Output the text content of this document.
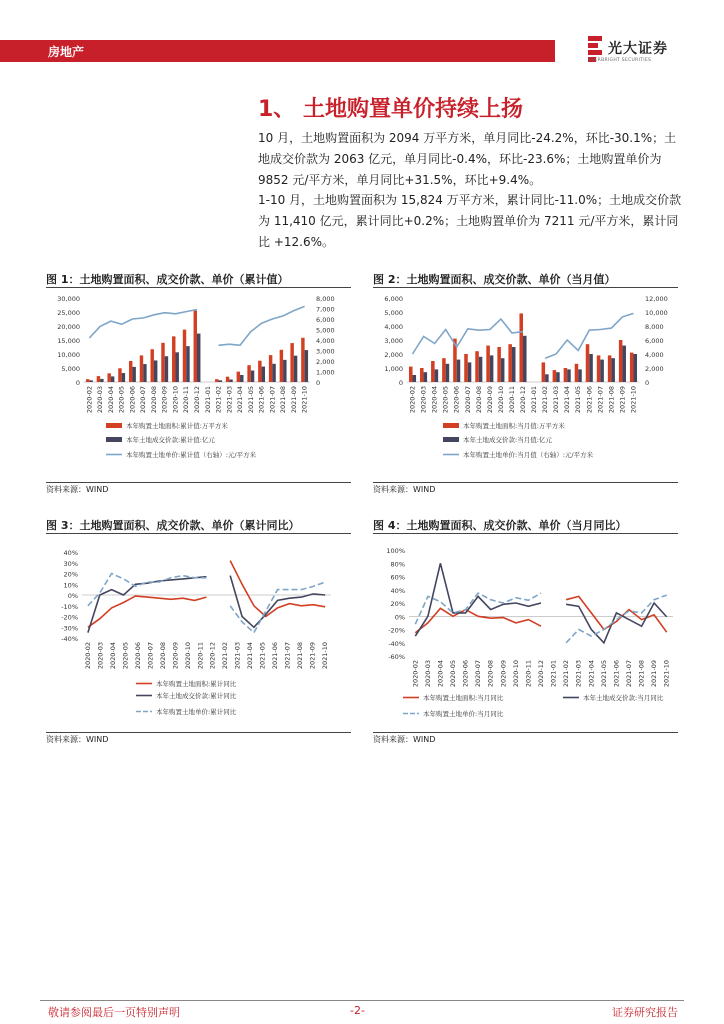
房地产	光大证券
EVERBRIGHT SECURITIES
1、 土地购置单价持续上扬
10 月，土地购置面积为 2094 万平方米，单月同比-24.2%，环比-30.1%；土地成交价款为 2063 亿元，单月同比-0.4%，环比-23.6%；土地购置单价为 9852 元/平方米，单月同比+31.5%，环比+9.4%。
1-10 月，土地购置面积为 15,824 万平方米，累计同比-11.0%；土地成交价款为 11,410 亿元，累计同比+0.2%；土地购置单价为 7211 元/平方米，累计同比 +12.6%。
图 1：土地购置面积、成交价款、单价（累计值）
0
5,000
10,000
15,000
20,000
25,000
30,000
0
1,000
2,000
3,000
4,000
5,000
6,000
7,000
8,000
2020-02 2020-03 2020-04 2020-05 2020-06 2020-07 2020-08 2020-09 2020-10 2020-11 2020-12 2021-01 2021-02 2021-03 2021-04 2021-05 2021-06 2021-07 2021-08 2021-09 2021-10
本年购置土地面积:累计值:万平方米
本年土地成交价款:累计值:亿元
本年购置土地单价:累计值（右轴）:元/平方米
资料来源：WIND
图 2：土地购置面积、成交价款、单价（当月值）
0
1,000
2,000
3,000
4,000
5,000
6,000
0
2,000
4,000
6,000
8,000
10,000
12,000
2020-02 2020-03 2020-04 2020-05 2020-06 2020-07 2020-08 2020-09 2020-10 2020-11 2020-12 2021-01 2021-02 2021-03 2021-04 2021-05 2021-06 2021-07 2021-08 2021-09 2021-10
本年购置土地面积:当月值:万平方米
本年土地成交价款:当月值:亿元
本年购置土地单价:当月值（右轴）:元/平方米
资料来源：WIND
图 3：土地购置面积、成交价款、单价（累计同比）
-40%
-30%
-20%
-10%
0%
10%
20%
30%
40%
2020-02 2020-03 2020-04 2020-05 2020-06 2020-07 2020-08 2020-09 2020-10 2020-11 2020-12 2021-02 2021-03 2021-04 2021-05 2021-06 2021-07 2021-08 2021-09 2021-10
本年购置土地面积:累计同比
本年土地成交价款:累计同比
本年购置土地单价:累计同比
资料来源：WIND
图 4：土地购置面积、成交价款、单价（当月同比）
-60%
-40%
-20%
0%
20%
40%
60%
80%
100%
2020-02 2020-03 2020-04 2020-05 2020-06 2020-07 2020-08 2020-09 2020-10 2020-11 2020-12 2021-01 2021-02 2021-03 2021-04 2021-05 2021-06 2021-07 2021-08 2021-09 2021-10
本年购置土地面积:当月同比	本年土地成交价款:当月同比
本年购置土地单价:当月同比
资料来源：WIND
敬请参阅最后一页特别声明	-2-	证券研究报告
